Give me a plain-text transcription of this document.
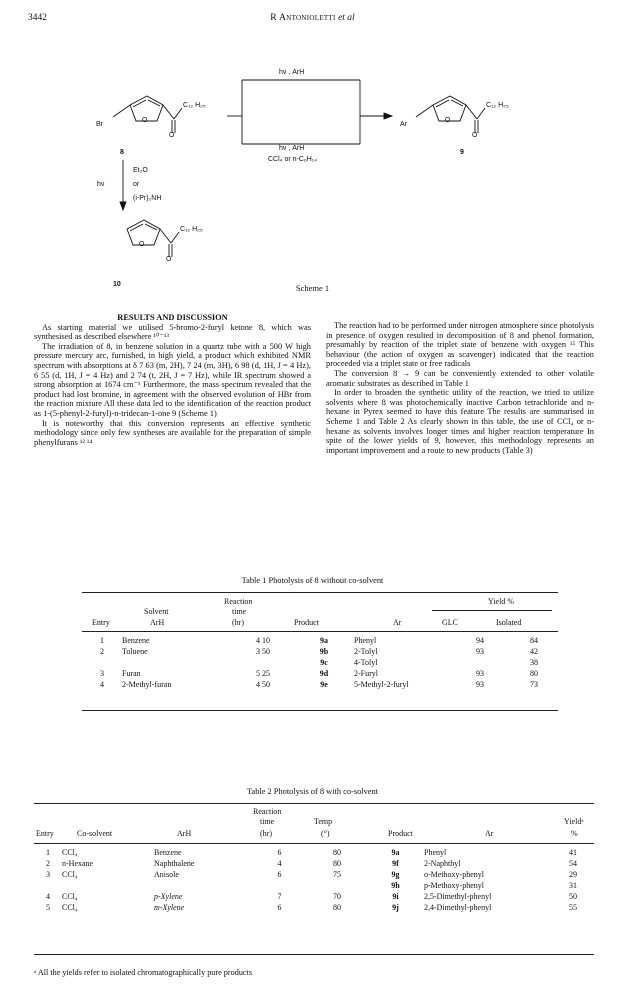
3442	R Antonioletti et al
Br
O
C₁₂ H₂₅
O
8
hν , ArH
hν , ArH
CCl₄ or n-C₆H₁₄
Ar
O
C₁₂ H₂₅
O
9
hν
Et₂O
or
(i-Pr)₂NH
O
C₁₂ H₂₅
O
10	Scheme 1

RESULTS AND DISCUSSION

As starting material we utilised 5-bromo-2-furyl ketone 8, which was synthesised as described elsewhere ¹⁰⁻¹³

The irradiation of 8, in benzene solution in a quartz tube with a 500 W high pressure mercury arc, furnished, in high yield, a product which exhibited NMR spectrum with absorptions at δ 7 63 (m, 2H), 7 24 (m, 3H), 6 98 (d, 1H, J = 4 Hz), 6 55 (d, 1H, J = 4 Hz) and 2 74 (t, 2H, J = 7 Hz), while IR spectrum showed a strong absorption at 1674 cm⁻¹ Furthermore, the mass spectrum revealed that the product had lost bromine, in agreement with the observed evolution of HBr from the reaction mixture All these data led to the identification of the reaction product as 1-(5-phenyl-2-furyl)-n-tridecan-1-one 9 (Scheme 1)

It is noteworthy that this conversion represents an effective synthetic methodology since only few syntheses are available for the preparation of simple phenylfurans ¹² ¹⁴

The reaction had to be performed under nitrogen atmosphere since photolysis in presence of oxygen resulted in decomposition of 8 and phenol formation, presumably by reaction of the triplet state of benzene with oxygen ¹⁵ This behaviour (the action of oxygen as scavenger) indicated that the reaction proceeded via a triplet state or free radicals

The conversion 8 → 9 can be conveniently extended to other volatile aromatic substrates as described in Table 1

In order to broaden the synthetic utility of the reaction, we tried to utilize solvents where 8 was photochemically inactive Carbon tetrachloride and n-hexane in Pyrex seemed to have this feature The results are summarised in Scheme 1 and Table 2 As clearly shown in this table, the use of CCl₄ or n-hexane as solvents involves longer times and higher reaction temperature In spite of the lower yields of 9, however, this methodology represents an important improvement and a route to new products (Table 3)

Table 1 Photolysis of 8 without co-solvent
Reaction	Yield %
Solvent	time
Entry	ArH	(hr)	Product	Ar	GLC	Isolated
1	Benzene	4 10	9a	Phenyl	94	84
2	Toluene	3 50	9b	2-Tolyl	93	42
			9c	4-Tolyl		38
3	Furan	5 25	9d	2-Furyl	93	80
4	2-Methyl-furan	4 50	9e	5-Methyl-2-furyl	93	73
Table 2 Photolysis of 8 with co-solvent
Reaction
time	Temp	Yieldᵃ
Entry	Co-solvent	ArH	(hr)	(°)	Product	Ar	%
1	CCl₄	Benzene	6	80	9a	Phenyl	41
2	n-Hexane	Naphthalene	4	80	9f	2-Naphthyl	54
3	CCl₄	Anisole	6	75	9g	o-Methoxy-phenyl	29
					9h	p-Methoxy-phenyl	31
4	CCl₄	p-Xylene	7	70	9i	2,5-Dimethyl-phenyl	50
5	CCl₄	m-Xylene	6	80	9j	2,4-Dimethyl-phenyl	55
ᵃ All the yields refer to isolated chromatographically pure products
